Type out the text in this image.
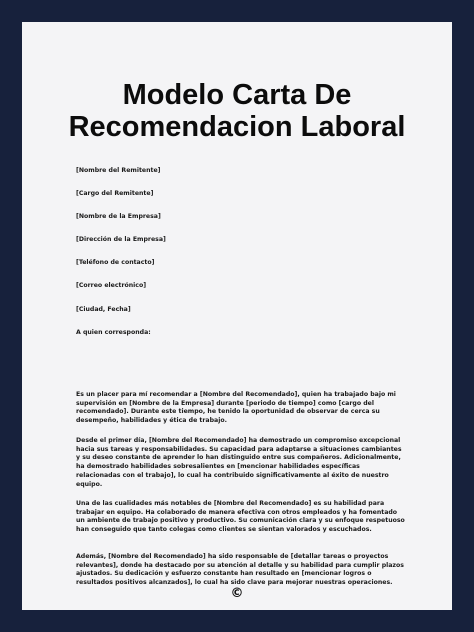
Modelo Carta De
Recomendacion Laboral

[Nombre del Remitente]

[Cargo del Remitente]

[Nombre de la Empresa]

[Dirección de la Empresa]

[Teléfono de contacto]

[Correo electrónico]

[Ciudad, Fecha]

A quien corresponda:

Es un placer para mí recomendar a [Nombre del Recomendado], quien ha trabajado bajo mi supervisión en [Nombre de la Empresa] durante [periodo de tiempo] como [cargo del recomendado]. Durante este tiempo, he tenido la oportunidad de observar de cerca su desempeño, habilidades y ética de trabajo.

Desde el primer día, [Nombre del Recomendado] ha demostrado un compromiso excepcional hacia sus tareas y responsabilidades. Su capacidad para adaptarse a situaciones cambiantes y su deseo constante de aprender lo han distinguido entre sus compañeros. Adicionalmente, ha demostrado habilidades sobresalientes en [mencionar habilidades específicas relacionadas con el trabajo], lo cual ha contribuido significativamente al éxito de nuestro equipo.

Una de las cualidades más notables de [Nombre del Recomendado] es su habilidad para trabajar en equipo. Ha colaborado de manera efectiva con otros empleados y ha fomentado un ambiente de trabajo positivo y productivo. Su comunicación clara y su enfoque respetuoso han conseguido que tanto colegas como clientes se sientan valorados y escuchados.

Además, [Nombre del Recomendado] ha sido responsable de [detallar tareas o proyectos relevantes], donde ha destacado por su atención al detalle y su habilidad para cumplir plazos ajustados. Su dedicación y esfuerzo constante han resultado en [mencionar logros o resultados positivos alcanzados], lo cual ha sido clave para mejorar nuestras operaciones.

©
